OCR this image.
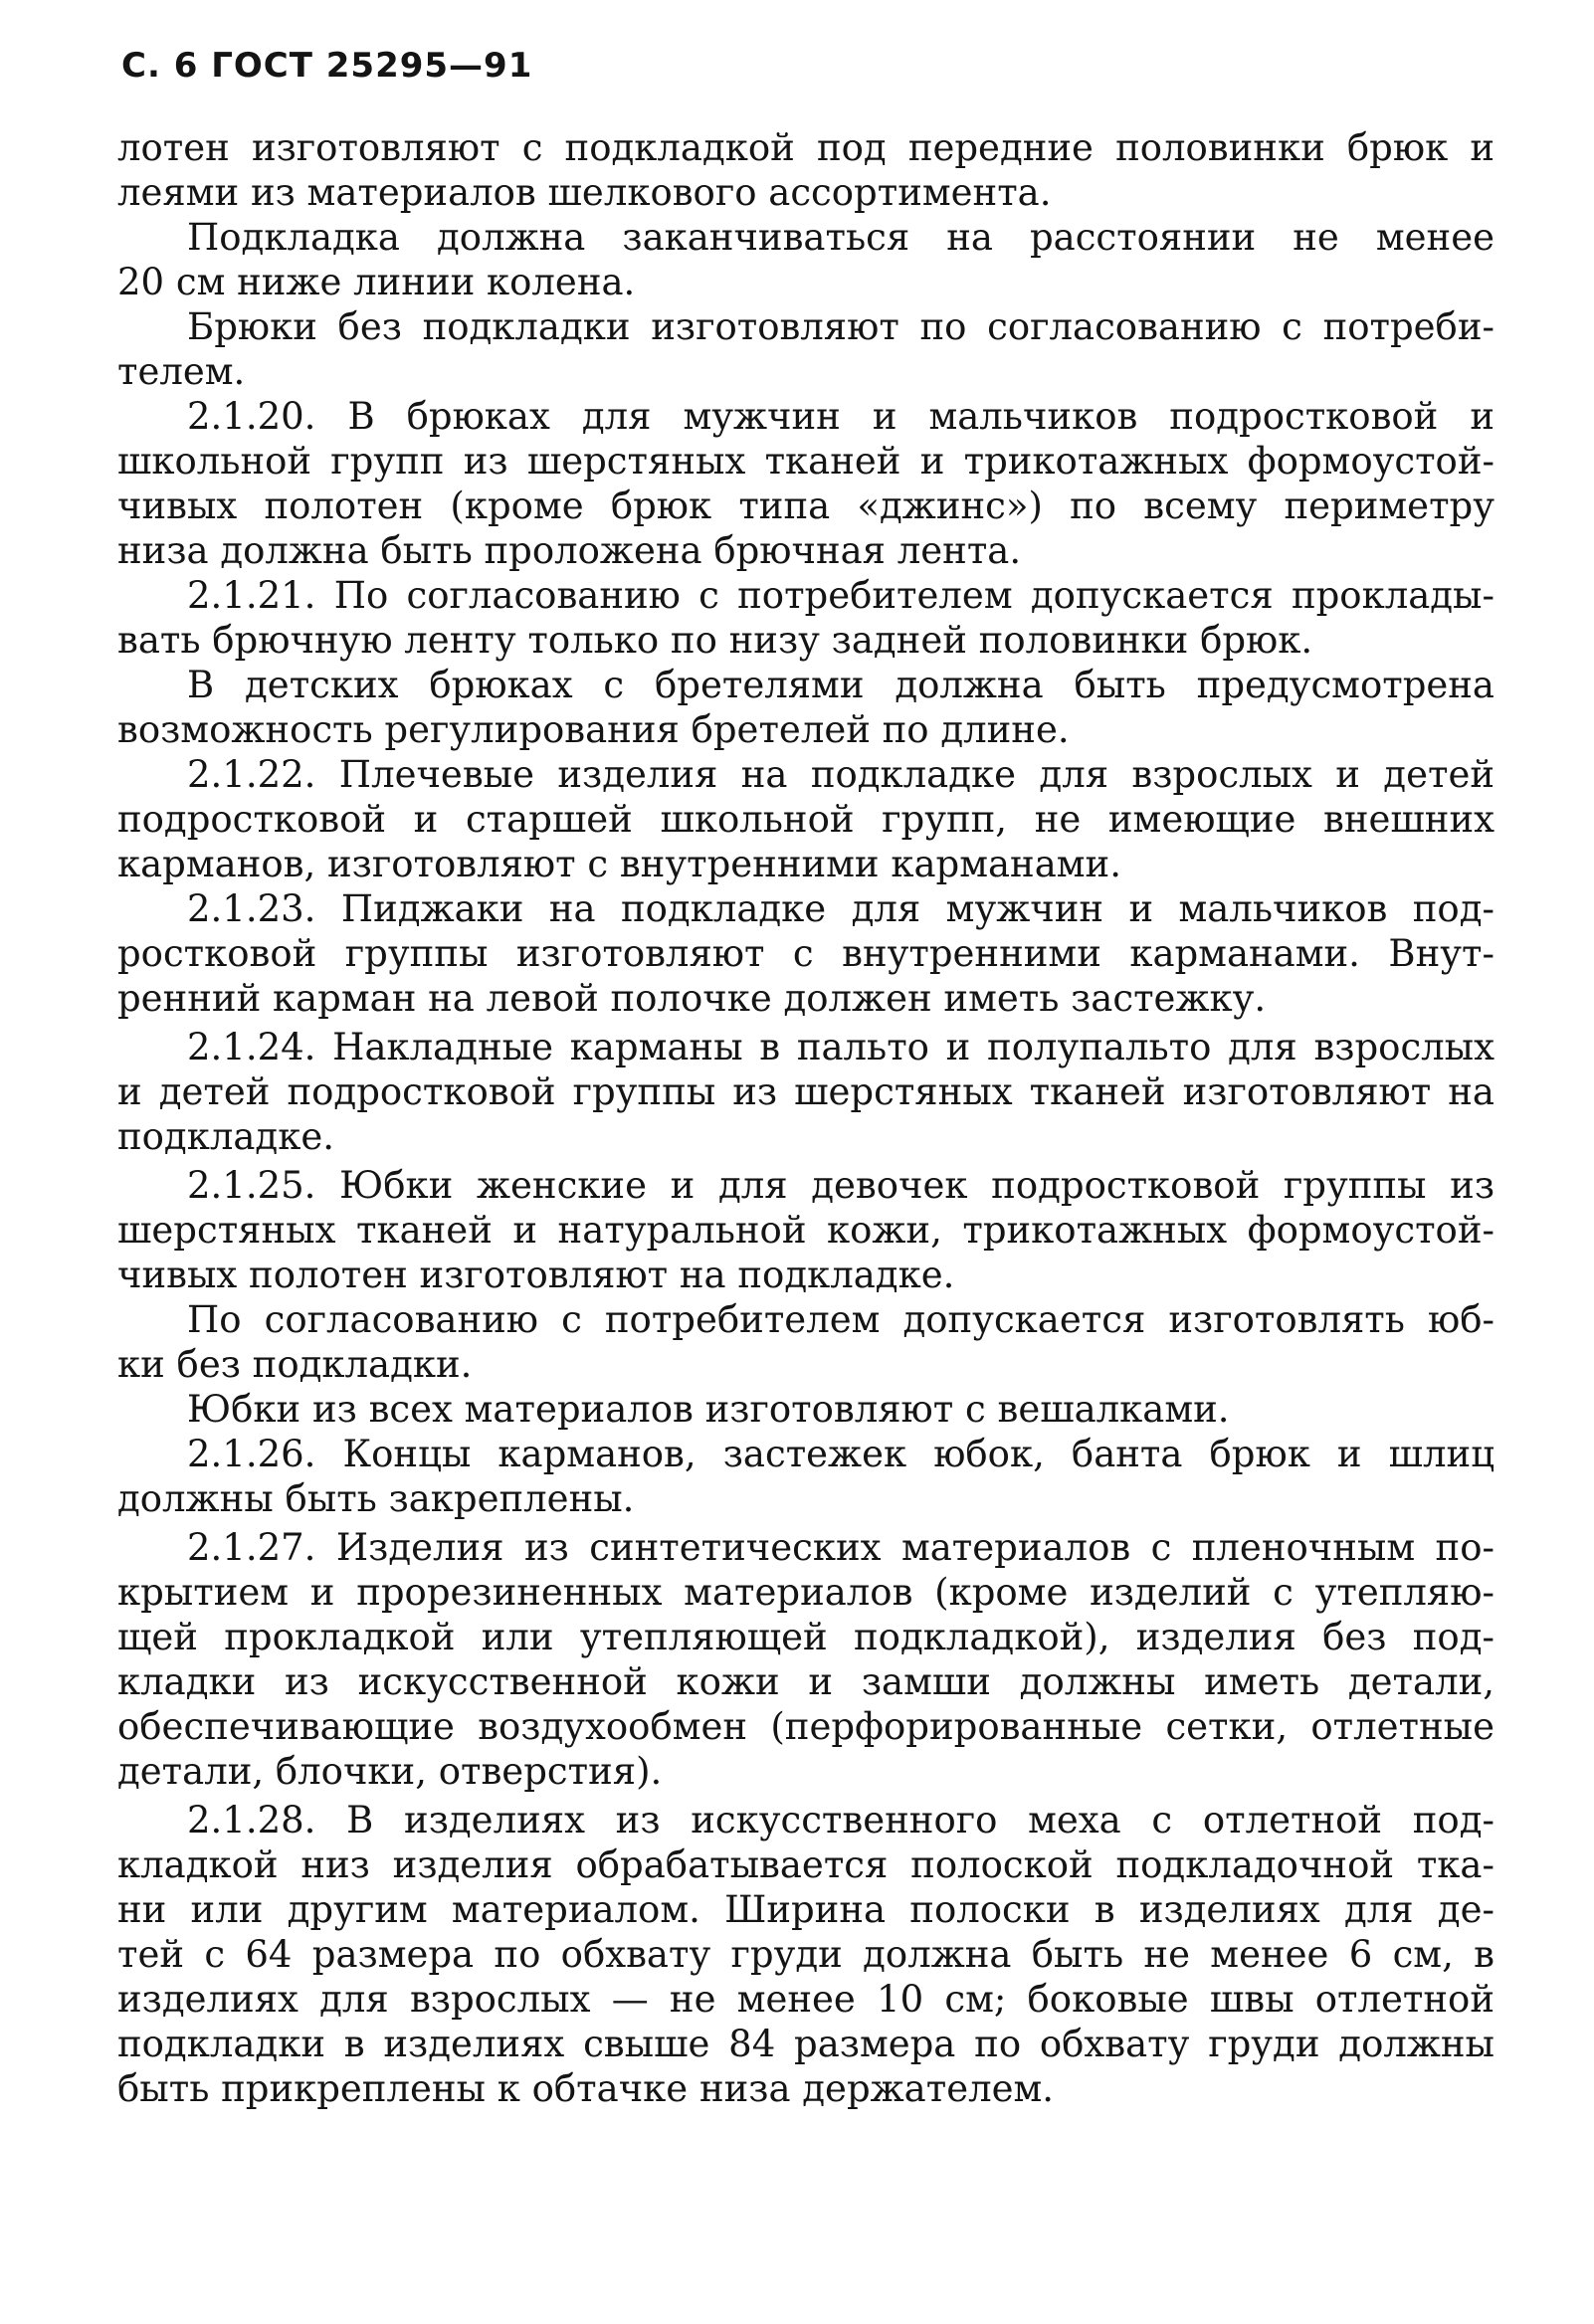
С. 6 ГОСТ 25295—91
лотен изготовляют с подкладкой под передние половинки брюк и
леями из материалов шелкового ассортимента.
Подкладка должна заканчиваться на расстоянии не менее
20 см ниже линии колена.
Брюки без подкладки изготовляют по согласованию с потреби-
телем.
2.1.20. В брюках для мужчин и мальчиков подростковой и
школьной групп из шерстяных тканей и трикотажных формоустой-
чивых полотен (кроме брюк типа «джинс») по всему периметру
низа должна быть проложена брючная лента.
2.1.21. По согласованию с потребителем допускается проклады-
вать брючную ленту только по низу задней половинки брюк.
В детских брюках с бретелями должна быть предусмотрена
возможность регулирования бретелей по длине.
2.1.22. Плечевые изделия на подкладке для взрослых и детей
подростковой и старшей школьной групп, не имеющие внешних
карманов, изготовляют с внутренними карманами.
2.1.23. Пиджаки на подкладке для мужчин и мальчиков под-
ростковой группы изготовляют с внутренними карманами. Внут-
ренний карман на левой полочке должен иметь застежку.
2.1.24. Накладные карманы в пальто и полупальто для взрослых
и детей подростковой группы из шерстяных тканей изготовляют на
подкладке.
2.1.25. Юбки женские и для девочек подростковой группы из
шерстяных тканей и натуральной кожи, трикотажных формоустой-
чивых полотен изготовляют на подкладке.
По согласованию с потребителем допускается изготовлять юб-
ки без подкладки.
Юбки из всех материалов изготовляют с вешалками.
2.1.26. Концы карманов, застежек юбок, банта брюк и шлиц
должны быть закреплены.
2.1.27. Изделия из синтетических материалов с пленочным по-
крытием и прорезиненных материалов (кроме изделий с утепляю-
щей прокладкой или утепляющей подкладкой), изделия без под-
кладки из искусственной кожи и замши должны иметь детали,
обеспечивающие воздухообмен (перфорированные сетки, отлетные
детали, блочки, отверстия).
2.1.28. В изделиях из искусственного меха с отлетной под-
кладкой низ изделия обрабатывается полоской подкладочной тка-
ни или другим материалом. Ширина полоски в изделиях для де-
тей с 64 размера по обхвату груди должна быть не менее 6 см, в
изделиях для взрослых — не менее 10 см; боковые швы отлетной
подкладки в изделиях свыше 84 размера по обхвату груди должны
быть прикреплены к обтачке низа держателем.
